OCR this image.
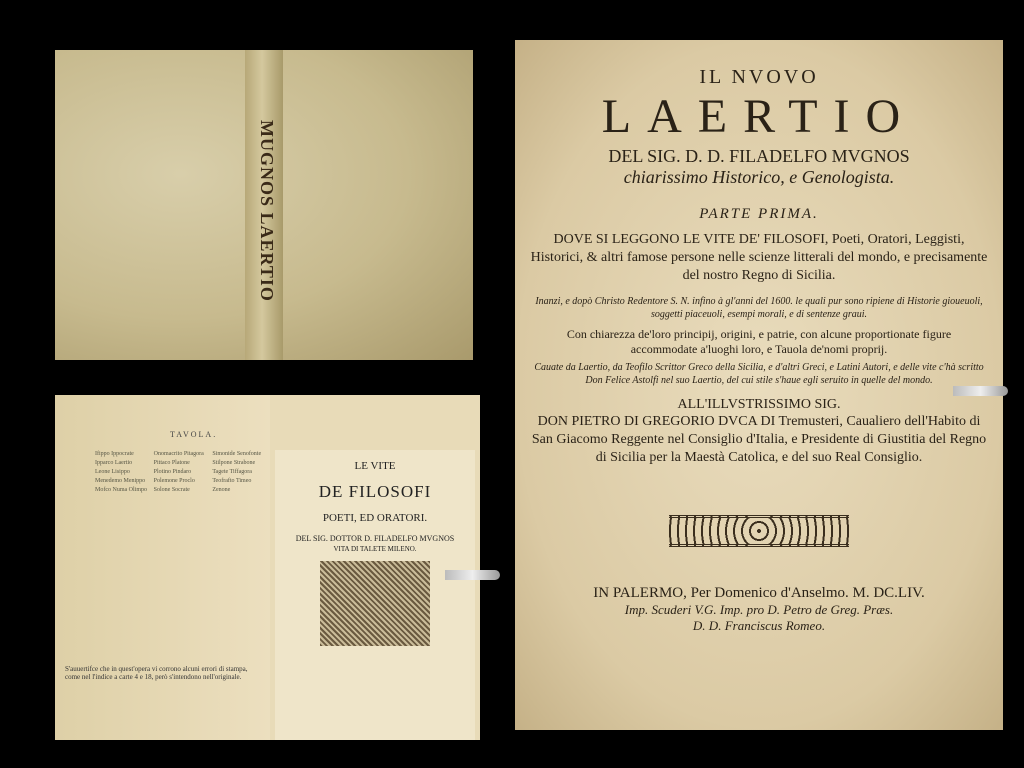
MUGNOS LAERTIO
TAVOLA.
Ifippo Ippocrate Ipparco Laertio Leone Lisippo Menedemo Menippo Mofco Numa Olimpo Onomacrito Pitagora Pittaco Platone Plotino Pindaro Polemone Proclo Solone Socrate Simonide Senofonte Stilpone Strabone Tagete Tiffagora Teofrafto Timeo Zenone
S'auuertifce che in quest'opera vi corrono alcuni errori di stampa, come nel l'indice a carte 4 e 18, però s'intendono nell'originale.
LE VITE
DE FILOSOFI
POETI, ED ORATORI.
DEL SIG. DOTTOR D. FILADELFO MVGNOS
VITA DI TALETE MILENO.
IL NVOVO
LAERTIO
DEL SIG. D. D. FILADELFO MVGNOS
chiarissimo Historico, e Genologista.
PARTE PRIMA.
DOVE SI LEGGONO LE VITE DE' FILOSOFI, Poeti, Oratori, Leggisti, Historici, & altri famose persone nelle scienze litterali del mondo, e precisamente del nostro Regno di Sicilia.
Inanzi, e dopò Christo Redentore S. N. infino à gl'anni del 1600. le quali pur sono ripiene di Historie gioueuoli, soggetti piaceuoli, esempi morali, e di sentenze graui.
Con chiarezza de'loro principij, origini, e patrie, con alcune proportionate figure accommodate a'luoghi loro, e Tauola de'nomi proprij.
Cauate da Laertio, da Teofilo Scrittor Greco della Sicilia, e d'altri Greci, e Latini Autori, e delle vite c'hà scritto Don Felice Astolfi nel suo Laertio, del cui stile s'haue egli seruito in quelle del mondo.
ALL'ILLVSTRISSIMO SIG.
DON PIETRO DI GREGORIO DVCA DI Tremusteri, Caualiero dell'Habito di San Giacomo Reggente nel Consiglio d'Italia, e Presidente di Giustitia del Regno di Sicilia per la Maestà Catolica, e del suo Real Consiglio.
IN PALERMO, Per Domenico d'Anselmo. M. DC.LIV.
Imp. Scuderi V.G. Imp. pro D. Petro de Greg. Præs.
D. D. Franciscus Romeo.
